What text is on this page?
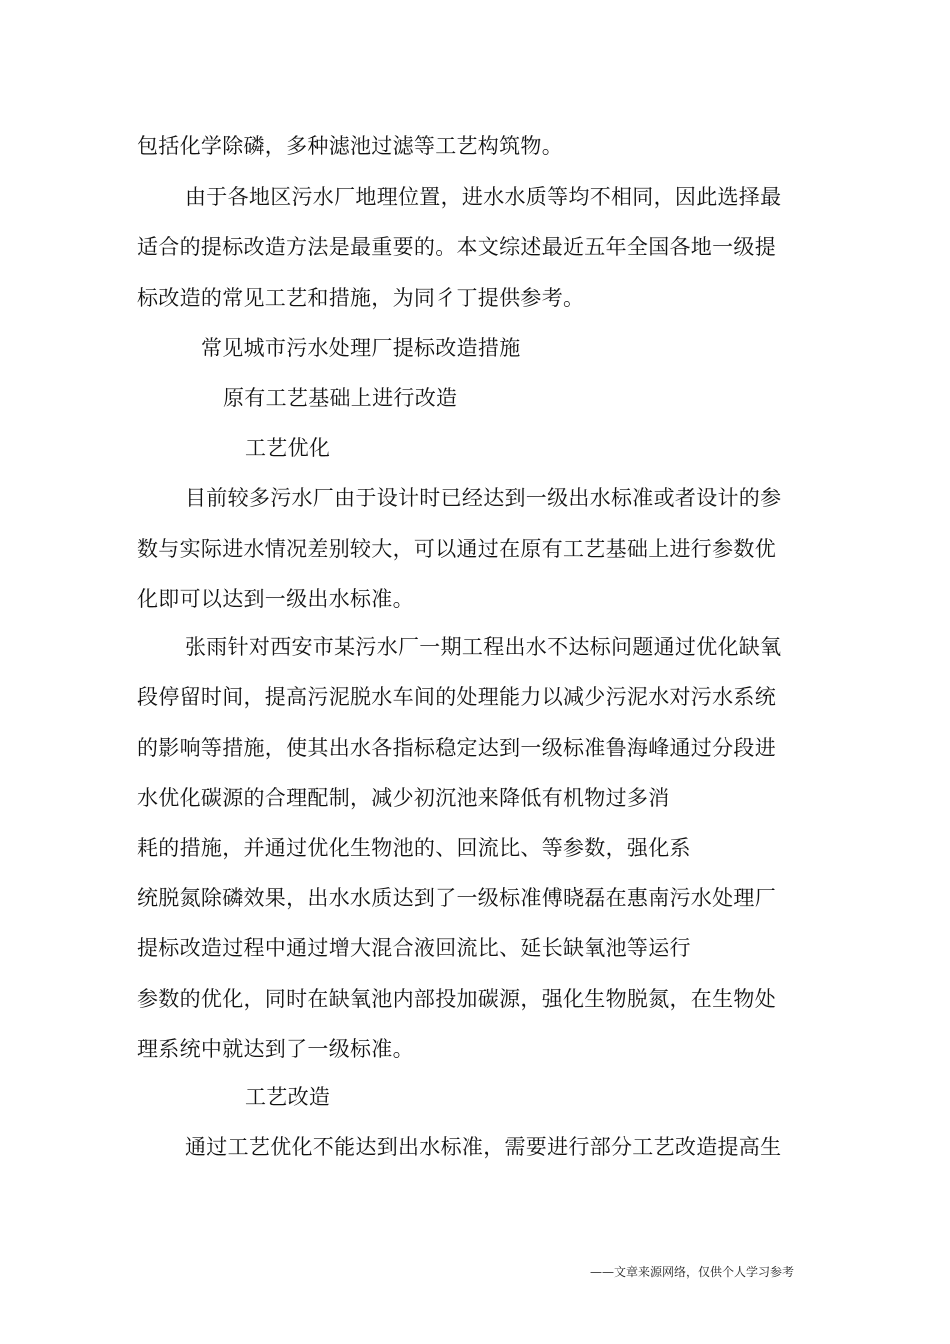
包括化学除磷，多种滤池过滤等工艺构筑物。
由于各地区污水厂地理位置，进水水质等均不相同，因此选择最
适合的提标改造方法是最重要的。本文综述最近五年全国各地一级提
标改造的常见工艺和措施，为同彳丁提供参考。
常见城市污水处理厂提标改造措施
原有工艺基础上进行改造
工艺优化
目前较多污水厂由于设计时已经达到一级出水标准或者设计的参
数与实际进水情况差别较大，可以通过在原有工艺基础上进行参数优
化即可以达到一级出水标准。
张雨针对西安市某污水厂一期工程出水不达标问题通过优化缺氧
段停留时间，提高污泥脱水车间的处理能力以减少污泥水对污水系统
的影响等措施，使其出水各指标稳定达到一级标准鲁海峰通过分段进
水优化碳源的合理配制，减少初沉池来降低有机物过多消
耗的措施，并通过优化生物池的、回流比、等参数，强化系
统脱氮除磷效果，出水水质达到了一级标准傅晓磊在惠南污水处理厂
提标改造过程中通过增大混合液回流比、延长缺氧池等运行
参数的优化，同时在缺氧池内部投加碳源，强化生物脱氮，在生物处
理系统中就达到了一级标准。
工艺改造
通过工艺优化不能达到出水标准，需要进行部分工艺改造提高生
——文章来源网络，仅供个人学习参考
